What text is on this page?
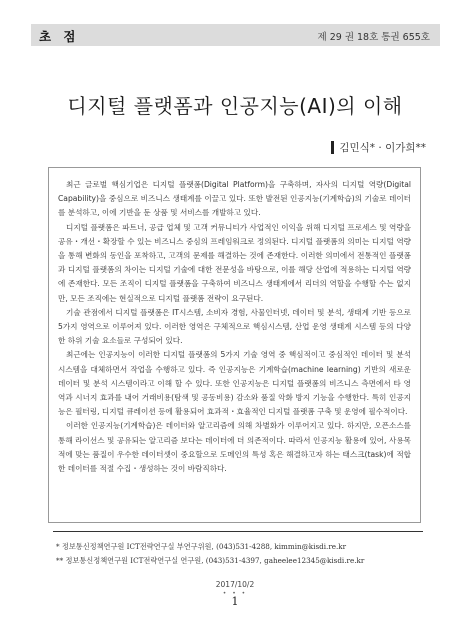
초 점	제 29 권 18호 통권 655호
디지털 플랫폼과 인공지능(AI)의 이해
김민식* · 이가희**

최근 글로벌 핵심기업은 디지털 플랫폼(Digital Platform)을 구축하며, 자사의 디지털 역량(Digital Capability)을 중심으로 비즈니스 생태계를 이끌고 있다. 또한 발전된 인공지능(기계학습)의 기술로 데이터를 분석하고, 이에 기반을 둔 상품 및 서비스를 개발하고 있다.

디지털 플랫폼은 파트너, 공급 업체 및 고객 커뮤니티가 사업적인 이익을 위해 디지털 프로세스 및 역량을 공유・개선・확장할 수 있는 비즈니스 중심의 프레임워크로 정의된다. 디지털 플랫폼의 의미는 디지털 역량을 통해 변화의 동인을 포착하고, 고객의 문제를 해결하는 것에 존재한다. 이러한 의미에서 전통적인 플랫폼과 디지털 플랫폼의 차이는 디지털 기술에 대한 전문성을 바탕으로, 이를 해당 산업에 적용하는 디지털 역량에 존재한다. 모든 조직이 디지털 플랫폼을 구축하여 비즈니스 생태계에서 리더의 역할을 수행할 수는 없지만, 모든 조직에는 현실적으로 디지털 플랫폼 전략이 요구된다.

기술 관점에서 디지털 플랫폼은 IT시스템, 소비자 경험, 사물인터넷, 데이터 및 분석, 생태계 기반 등으로 5가지 영역으로 이루어져 있다. 이러한 영역은 구체적으로 핵심시스템, 산업 운영 생태계 시스템 등의 다양한 하위 기술 요소들로 구성되어 있다.

최근에는 인공지능이 이러한 디지털 플랫폼의 5가지 기술 영역 중 핵심적이고 중심적인 데이터 및 분석 시스템을 대체하면서 작업을 수행하고 있다. 즉 인공지능은 기계학습(machine learning) 기반의 새로운 데이터 및 분석 시스템이라고 이해 할 수 있다. 또한 인공지능은 디지털 플랫폼의 비즈니스 측면에서 타 영역과 시너지 효과를 내어 거래비용(탐색 및 공동비용) 감소와 품질 악화 방지 기능을 수행한다. 특히 인공지능은 필터링, 디지털 큐레이션 등에 활용되어 효과적・효율적인 디지털 플랫폼 구축 및 운영에 필수적이다.

이러한 인공지능(기계학습)은 데이터와 알고리즘에 의해 차별화가 이루어지고 있다. 하지만, 오픈소스를 통해 라이선스 및 공유되는 알고리즘 보다는 데이터에 더 의존적이다. 따라서 인공지능 활용에 있어, 사용목적에 맞는 품질이 우수한 데이터셋이 중요할으로 도메인의 특성 혹은 해결하고자 하는 태스크(task)에 적합한 데이터를 적절 수집・생성하는 것이 바람직하다.

* 정보통신정책연구원 ICT전략연구실 부연구위원, (043)531-4288, kimmin@kisdi.re.kr
** 정보통신정책연구원 ICT전략연구실 연구원, (043)531-4397, gaheelee12345@kisdi.re.kr
2017/10/2
• • •
1
